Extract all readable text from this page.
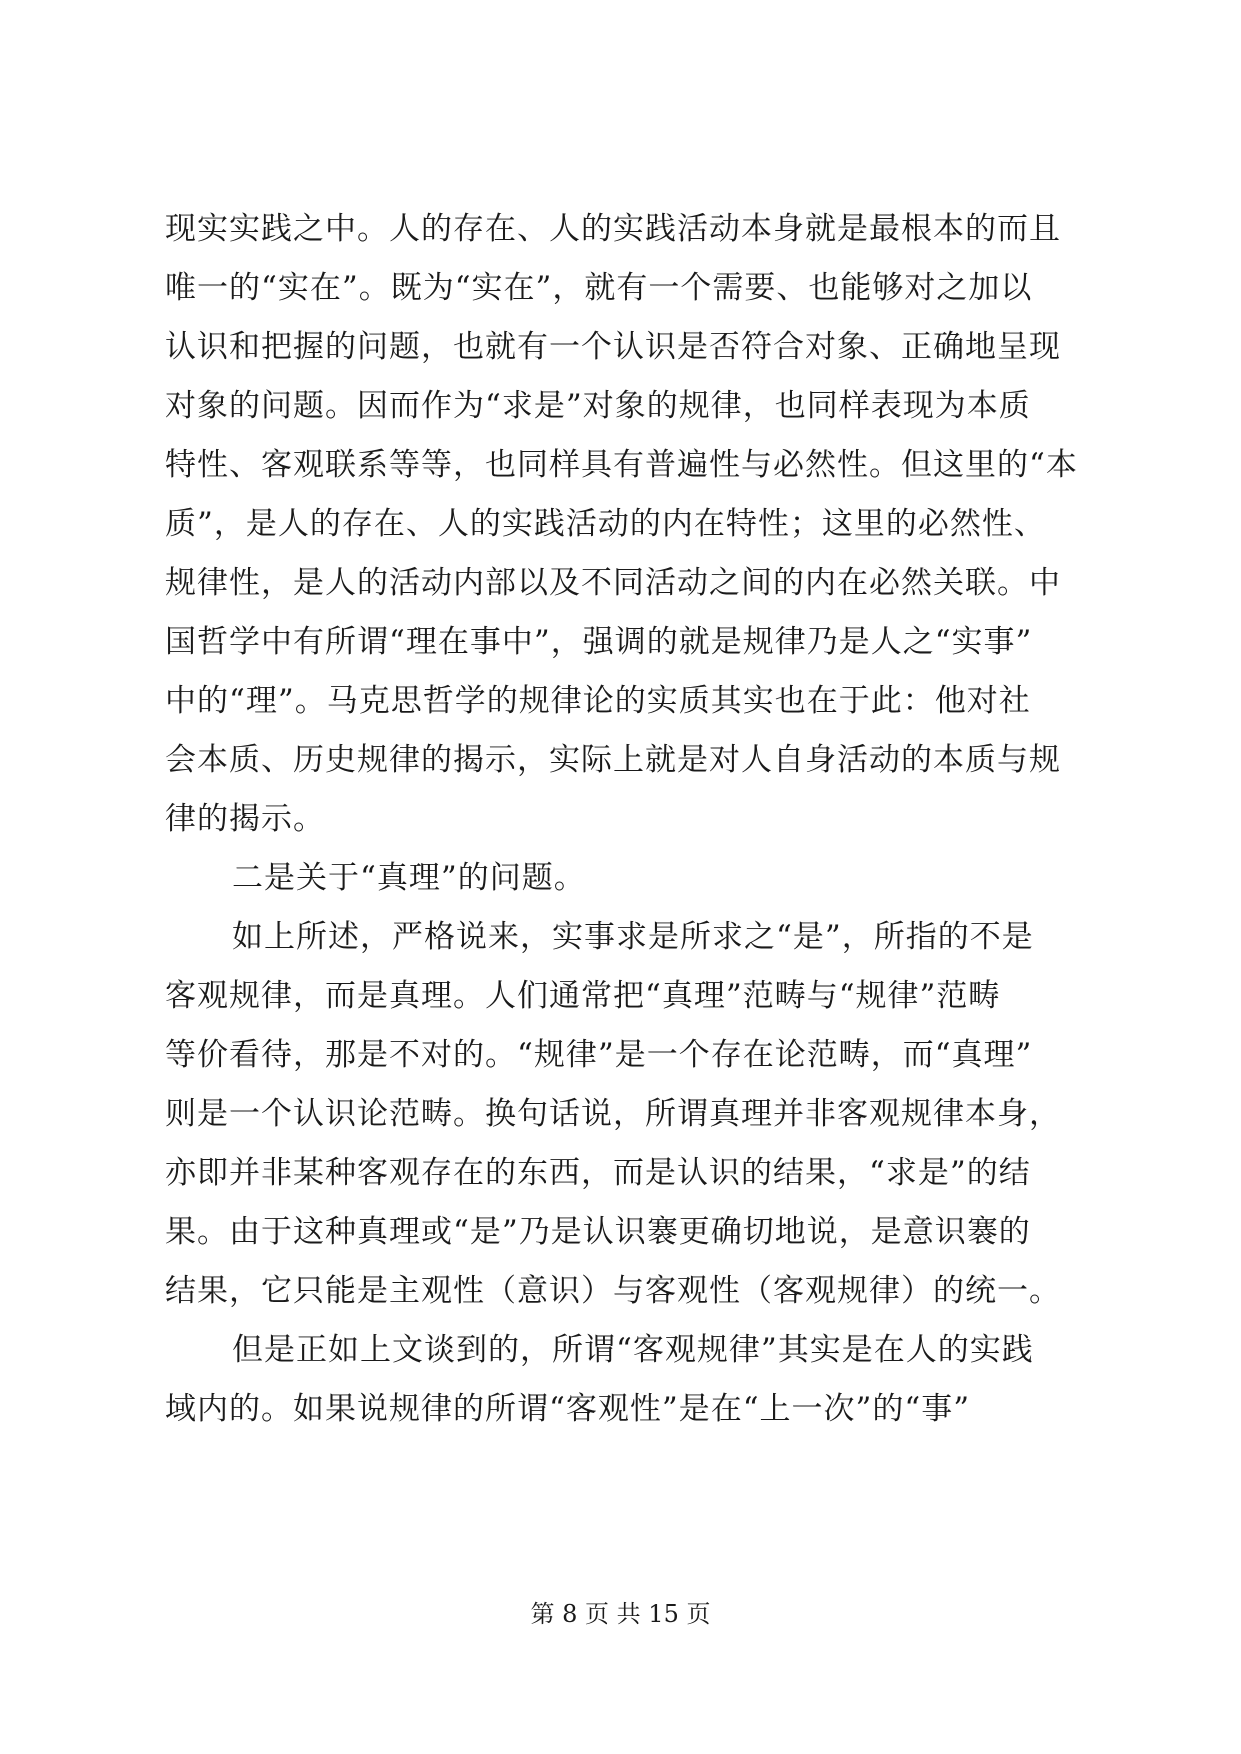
现实实践之中。人的存在、人的实践活动本身就是最根本的而且
唯一的“实在”。既为“实在”，就有一个需要、也能够对之加以
认识和把握的问题，也就有一个认识是否符合对象、正确地呈现
对象的问题。因而作为“求是”对象的规律，也同样表现为本质
特性、客观联系等等，也同样具有普遍性与必然性。但这里的“本
质”，是人的存在、人的实践活动的内在特性；这里的必然性、
规律性，是人的活动内部以及不同活动之间的内在必然关联。中
国哲学中有所谓“理在事中”，强调的就是规律乃是人之“实事”
中的“理”。马克思哲学的规律论的实质其实也在于此：他对社
会本质、历史规律的揭示，实际上就是对人自身活动的本质与规
律的揭示。
二是关于“真理”的问题。
如上所述，严格说来，实事求是所求之“是”，所指的不是
客观规律，而是真理。人们通常把“真理”范畴与“规律”范畴
等价看待，那是不对的。“规律”是一个存在论范畴，而“真理”
则是一个认识论范畴。换句话说，所谓真理并非客观规律本身，
亦即并非某种客观存在的东西，而是认识的结果，“求是”的结
果。由于这种真理或“是”乃是认识褰更确切地说，是意识褰的
结果，它只能是主观性（意识）与客观性（客观规律）的统一。
但是正如上文谈到的，所谓“客观规律”其实是在人的实践
域内的。如果说规律的所谓“客观性”是在“上一次”的“事”
第 8 页 共 15 页
